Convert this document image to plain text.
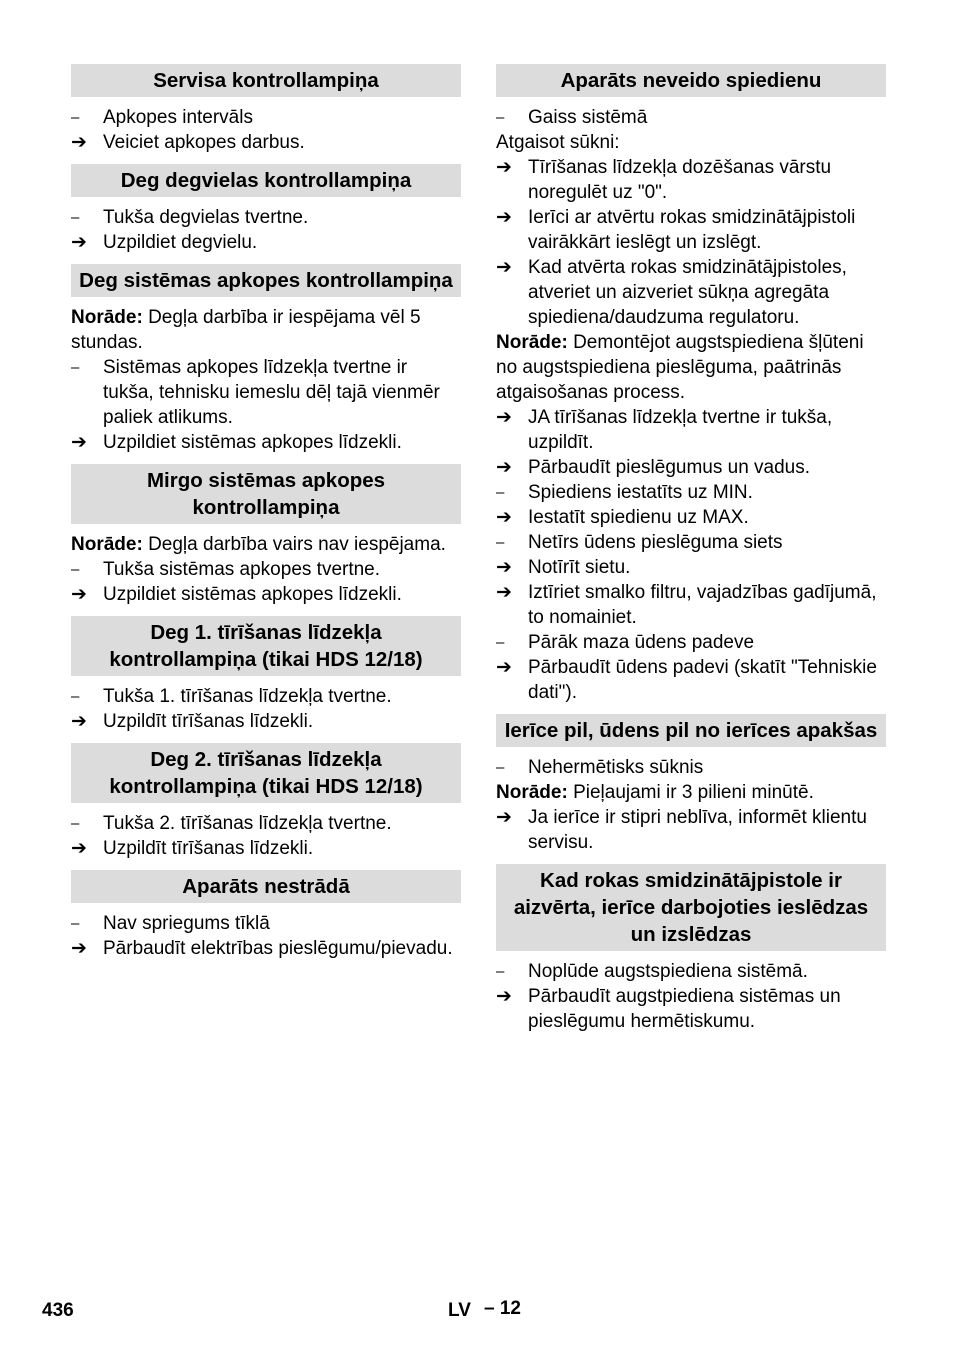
Servisa kontrollampiņa
–	Apkopes intervāls
➔ Veiciet apkopes darbus.
Deg degvielas kontrollampiņa
–	Tukša degvielas tvertne.
➔ Uzpildiet degvielu.
Deg sistēmas apkopes kontrollampiņa
Norāde: Degļa darbība ir iespējama vēl 5 stundas.
–	Sistēmas apkopes līdzekļa tvertne ir tukša, tehnisku iemeslu dēļ tajā vienmēr paliek atlikums.
➔ Uzpildiet sistēmas apkopes līdzekli.
Mirgo sistēmas apkopes kontrollampiņa
Norāde: Degļa darbība vairs nav iespējama.
–	Tukša sistēmas apkopes tvertne.
➔ Uzpildiet sistēmas apkopes līdzekli.
Deg 1. tīrīšanas līdzekļa kontrollampiņa (tikai HDS 12/18)
–	Tukša 1. tīrīšanas līdzekļa tvertne.
➔ Uzpildīt tīrīšanas līdzekli.
Deg 2. tīrīšanas līdzekļa kontrollampiņa (tikai HDS 12/18)
–	Tukša 2. tīrīšanas līdzekļa tvertne.
➔ Uzpildīt tīrīšanas līdzekli.
Aparāts nestrādā
–	Nav spriegums tīklā
➔ Pārbaudīt elektrības pieslēgumu/pievadu.
Aparāts neveido spiedienu
–	Gaiss sistēmā
Atgaisot sūkni:
➔ Tīrīšanas līdzekļa dozēšanas vārstu noregulēt uz "0".
➔ Ierīci ar atvērtu rokas smidzinātājpistoli vairākkārt ieslēgt un izslēgt.
➔ Kad atvērta rokas smidzinātājpistoles, atveriet un aizveriet sūkņa agregāta spiediena/daudzuma regulatoru.
Norāde: Demontējot augstspiediena šļūteni no augstspiediena pieslēguma, paātrinās atgaisošanas process.
➔ JA tīrīšanas līdzekļa tvertne ir tukša, uzpildīt.
➔ Pārbaudīt pieslēgumus un vadus.
–	Spiediens iestatīts uz MIN.
➔ Iestatīt spiedienu uz MAX.
–	Netīrs ūdens pieslēguma siets
➔ Notīrīt sietu.
➔ Iztīriet smalko filtru, vajadzības gadījumā, to nomainiet.
–	Pārāk maza ūdens padeve
➔ Pārbaudīt ūdens padevi (skatīt "Tehniskie dati").
Ierīce pil, ūdens pil no ierīces apakšas
–	Nehermētisks sūknis
Norāde: Pieļaujami ir 3 pilieni minūtē.
➔ Ja ierīce ir stipri neblīva, informēt klientu servisu.
Kad rokas smidzinātājpistole ir aizvērta, ierīce darbojoties ieslēdzas un izslēdzas
–	Noplūde augstspiediena sistēmā.
➔ Pārbaudīt augstpiediena sistēmas un pieslēgumu hermētiskumu.
436	LV – 12
